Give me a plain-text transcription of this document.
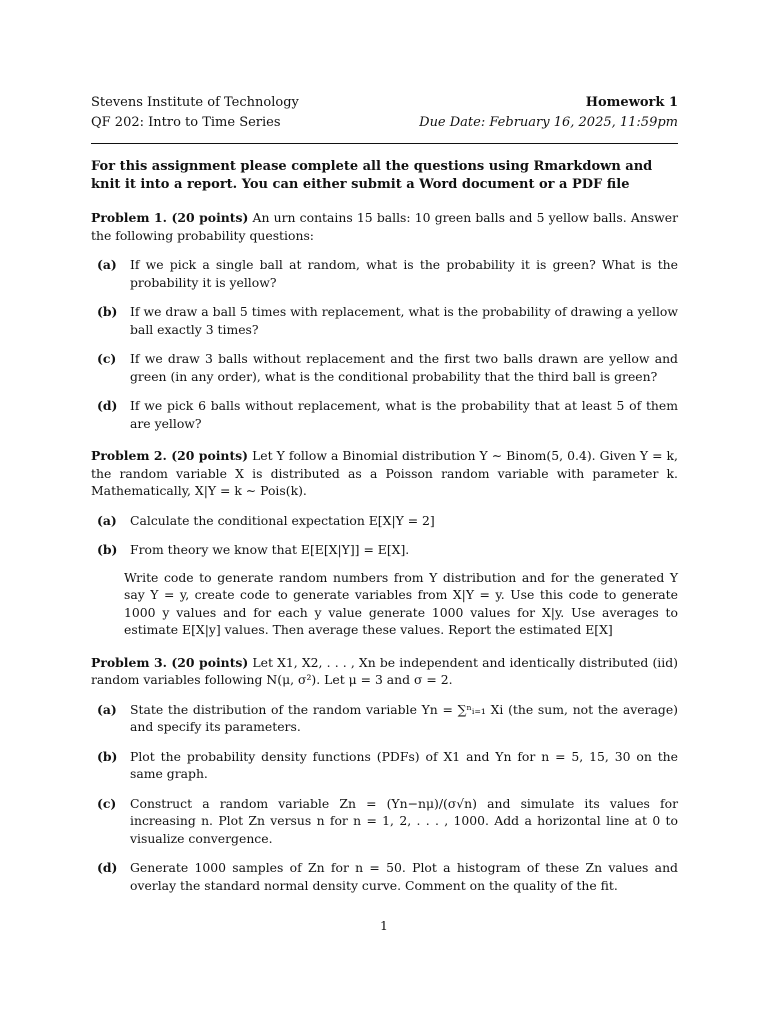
Stevens Institute of Technology	Homework 1
QF 202: Intro to Time Series	Due Date: February 16, 2025, 11:59pm
For this assignment please complete all the questions using Rmarkdown and knit it into a report. You can either submit a Word document or a PDF file
Problem 1. (20 points) An urn contains 15 balls: 10 green balls and 5 yellow balls. Answer the following probability questions:
(a)	If we pick a single ball at random, what is the probability it is green? What is the probability it is yellow?
(b)	If we draw a ball 5 times with replacement, what is the probability of drawing a yellow ball exactly 3 times?
(c)	If we draw 3 balls without replacement and the first two balls drawn are yellow and green (in any order), what is the conditional probability that the third ball is green?
(d)	If we pick 6 balls without replacement, what is the probability that at least 5 of them are yellow?
Problem 2. (20 points) Let Y follow a Binomial distribution Y ∼ Binom(5, 0.4). Given Y = k, the random variable X is distributed as a Poisson random variable with parameter k. Mathematically, X|Y = k ∼ Pois(k).
(a)	Calculate the conditional expectation E[X|Y = 2]
(b)	From theory we know that E[E[X|Y]] = E[X].
Write code to generate random numbers from Y distribution and for the generated Y say Y = y, create code to generate variables from X|Y = y. Use this code to generate 1000 y values and for each y value generate 1000 values for X|y. Use averages to estimate E[X|y] values. Then average these values. Report the estimated E[X]
Problem 3. (20 points) Let X1, X2, . . . , Xn be independent and identically distributed (iid) random variables following N(μ, σ²). Let μ = 3 and σ = 2.
(a)	State the distribution of the random variable Yn = ∑ⁿᵢ₌₁ Xi (the sum, not the average) and specify its parameters.
(b)	Plot the probability density functions (PDFs) of X1 and Yn for n = 5, 15, 30 on the same graph.
(c)	Construct a random variable Zn = (Yn−nμ)/(σ√n) and simulate its values for increasing n. Plot Zn versus n for n = 1, 2, . . . , 1000. Add a horizontal line at 0 to visualize convergence.
(d)	Generate 1000 samples of Zn for n = 50. Plot a histogram of these Zn values and overlay the standard normal density curve. Comment on the quality of the fit.
1
